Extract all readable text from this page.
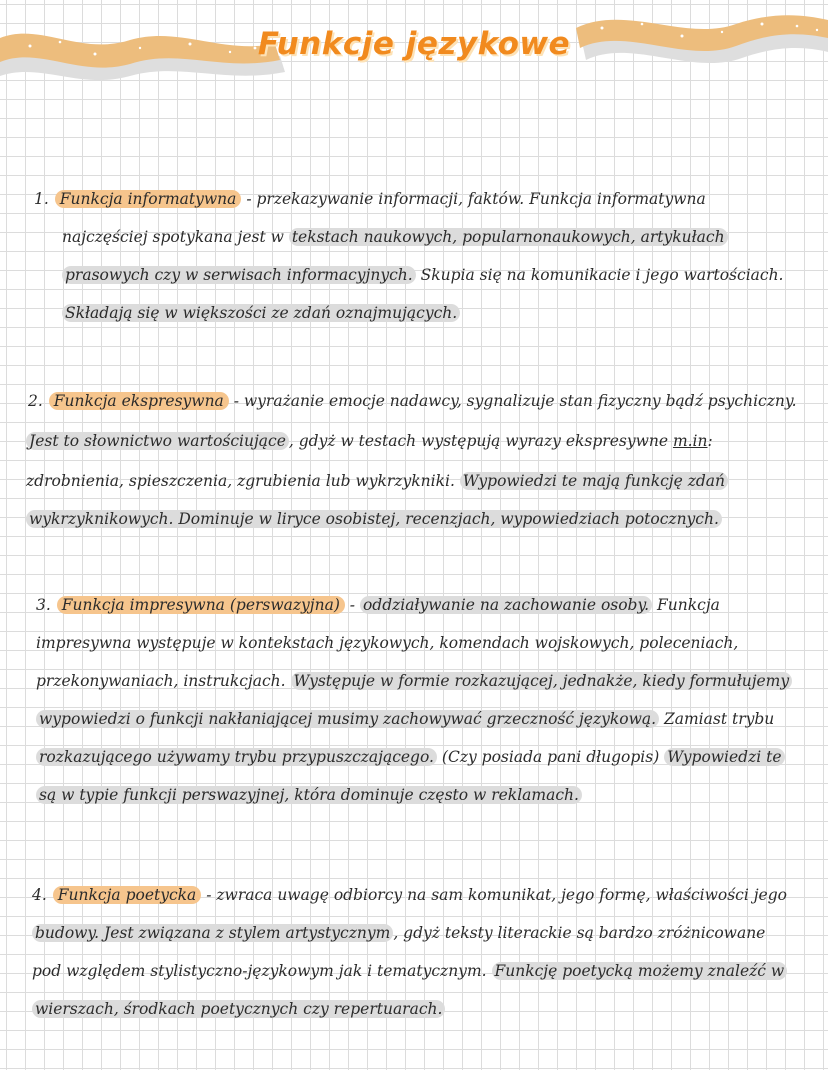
Funkcje językowe
1. Funkcja informatywna - przekazywanie informacji, faktów. Funkcja informatywna
najczęściej spotykana jest w tekstach naukowych, popularnonaukowych, artykułach
prasowych czy w serwisach informacyjnych. Skupia się na komunikacie i jego wartościach.
Składają się w większości ze zdań oznajmujących.
2. Funkcja ekspresywna - wyrażanie emocje nadawcy, sygnalizuje stan fizyczny bądź psychiczny.
Jest to słownictwo wartościujące , gdyż w testach występują wyrazy ekspresywne m.in:
zdrobnienia, spieszczenia, zgrubienia lub wykrzykniki. Wypowiedzi te mają funkcję zdań
wykrzyknikowych. Dominuje w liryce osobistej, recenzjach, wypowiedziach potocznych.
3. Funkcja impresywna (perswazyjna) - oddziaływanie na zachowanie osoby. Funkcja
impresywna występuje w kontekstach językowych, komendach wojskowych, poleceniach,
przekonywaniach, instrukcjach. Występuje w formie rozkazującej, jednakże, kiedy formułujemy
wypowiedzi o funkcji nakłaniającej musimy zachowywać grzeczność językową. Zamiast trybu
rozkazującego używamy trybu przypuszczającego. (Czy posiada pani długopis) Wypowiedzi te
są w typie funkcji perswazyjnej, która dominuje często w reklamach.
4. Funkcja poetycka - zwraca uwagę odbiorcy na sam komunikat, jego formę, właściwości jego
budowy. Jest związana z stylem artystycznym , gdyż teksty literackie są bardzo zróżnicowane
pod względem stylistyczno-językowym jak i tematycznym. Funkcję poetycką możemy znaleźć w
wierszach, środkach poetycznych czy repertuarach.
